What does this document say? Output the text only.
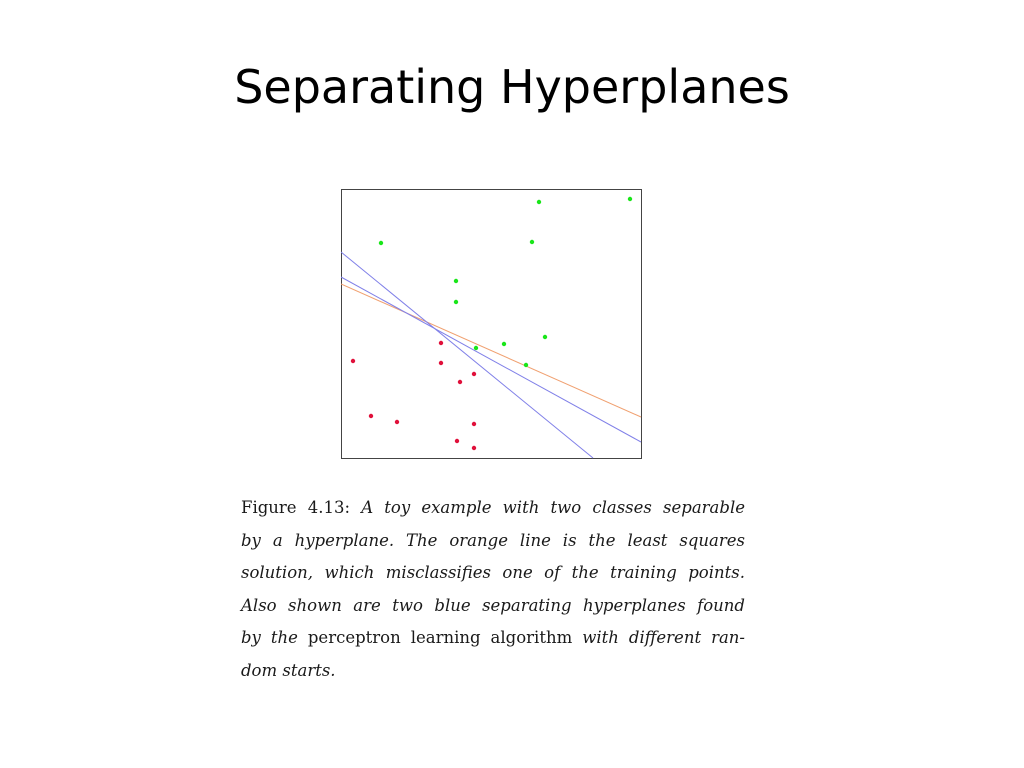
Separating Hyperplanes
Figure 4.13: A toy example with two classes separable
by a hyperplane. The orange line is the least squares
solution, which misclassifies one of the training points.
Also shown are two blue separating hyperplanes found
by the perceptron learning algorithm with different ran-
dom starts.
